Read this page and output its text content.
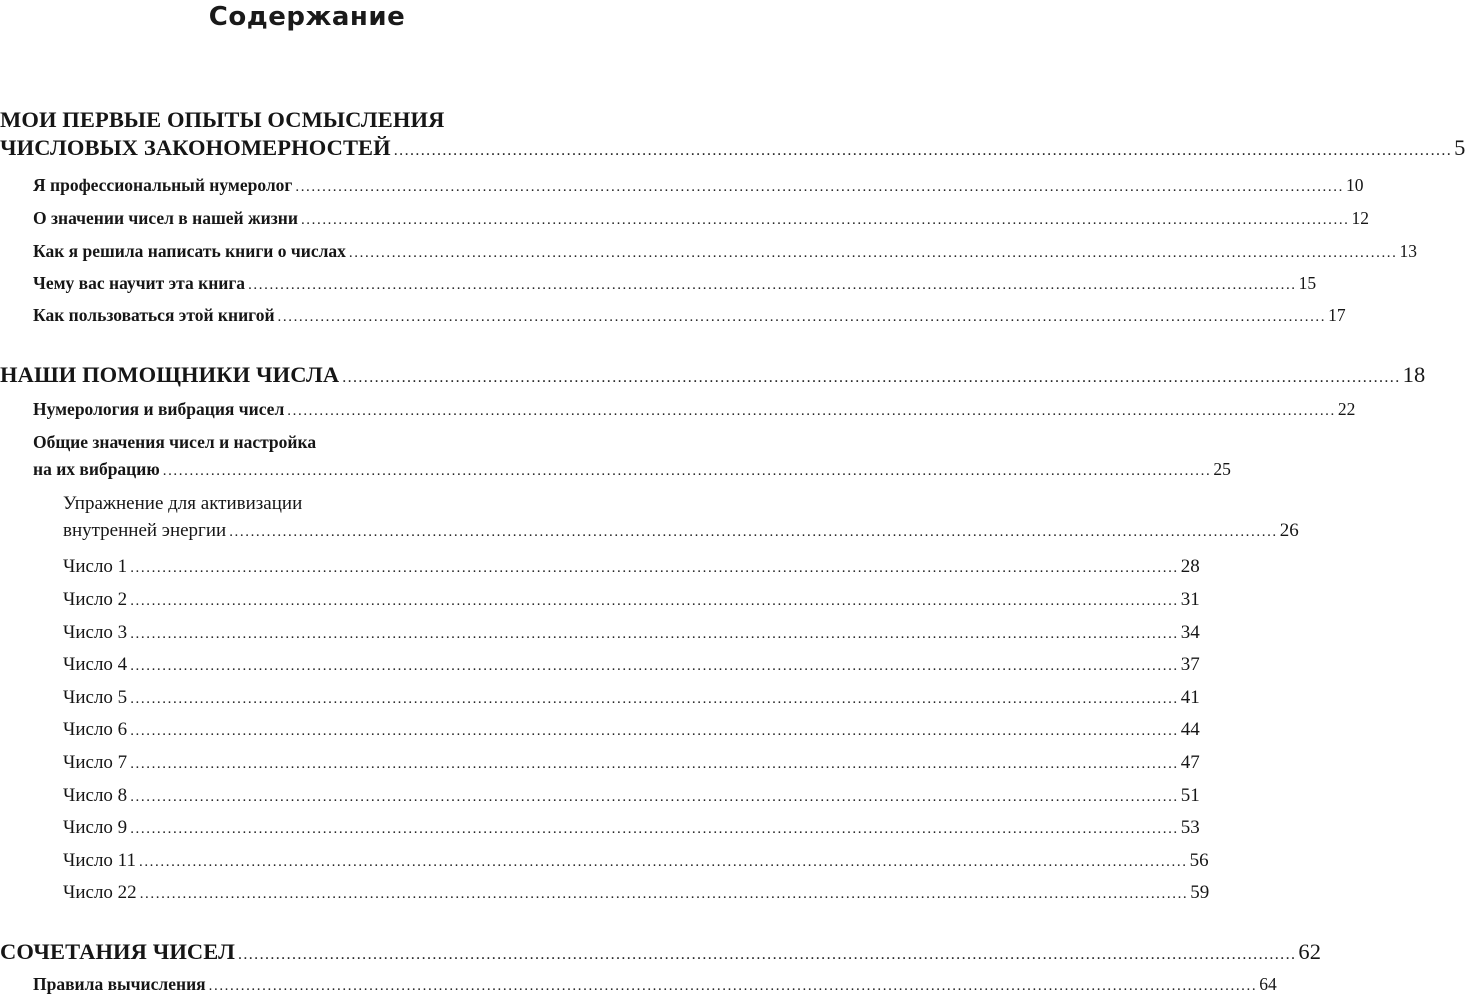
Содержание
МОИ ПЕРВЫЕ ОПЫТЫ ОСМЫСЛЕНИЯ
ЧИСЛОВЫХ ЗАКОНОМЕРНОСТЕЙ .....	5
Я профессиональный нумеролог .....	10
О значении чисел в нашей жизни .....	12
Как я решила написать книги о числах .....	13
Чему вас научит эта книга .....	15
Как пользоваться этой книгой .....	17
НАШИ ПОМОЩНИКИ ЧИСЛА .....	18
Нумерология и вибрация чисел .....	22
Общие значения чисел и настройка
на их вибрацию .....	25
Упражнение для активизации
внутренней энергии .....	26
Число 1 .....	28
Число 2 .....	31
Число 3 .....	34
Число 4 .....	37
Число 5 .....	41
Число 6 .....	44
Число 7 .....	47
Число 8 .....	51
Число 9 .....	53
Число 11 .....	56
Число 22 .....	59
СОЧЕТАНИЯ ЧИСЕЛ .....	62
Правила вычисления .....	64
